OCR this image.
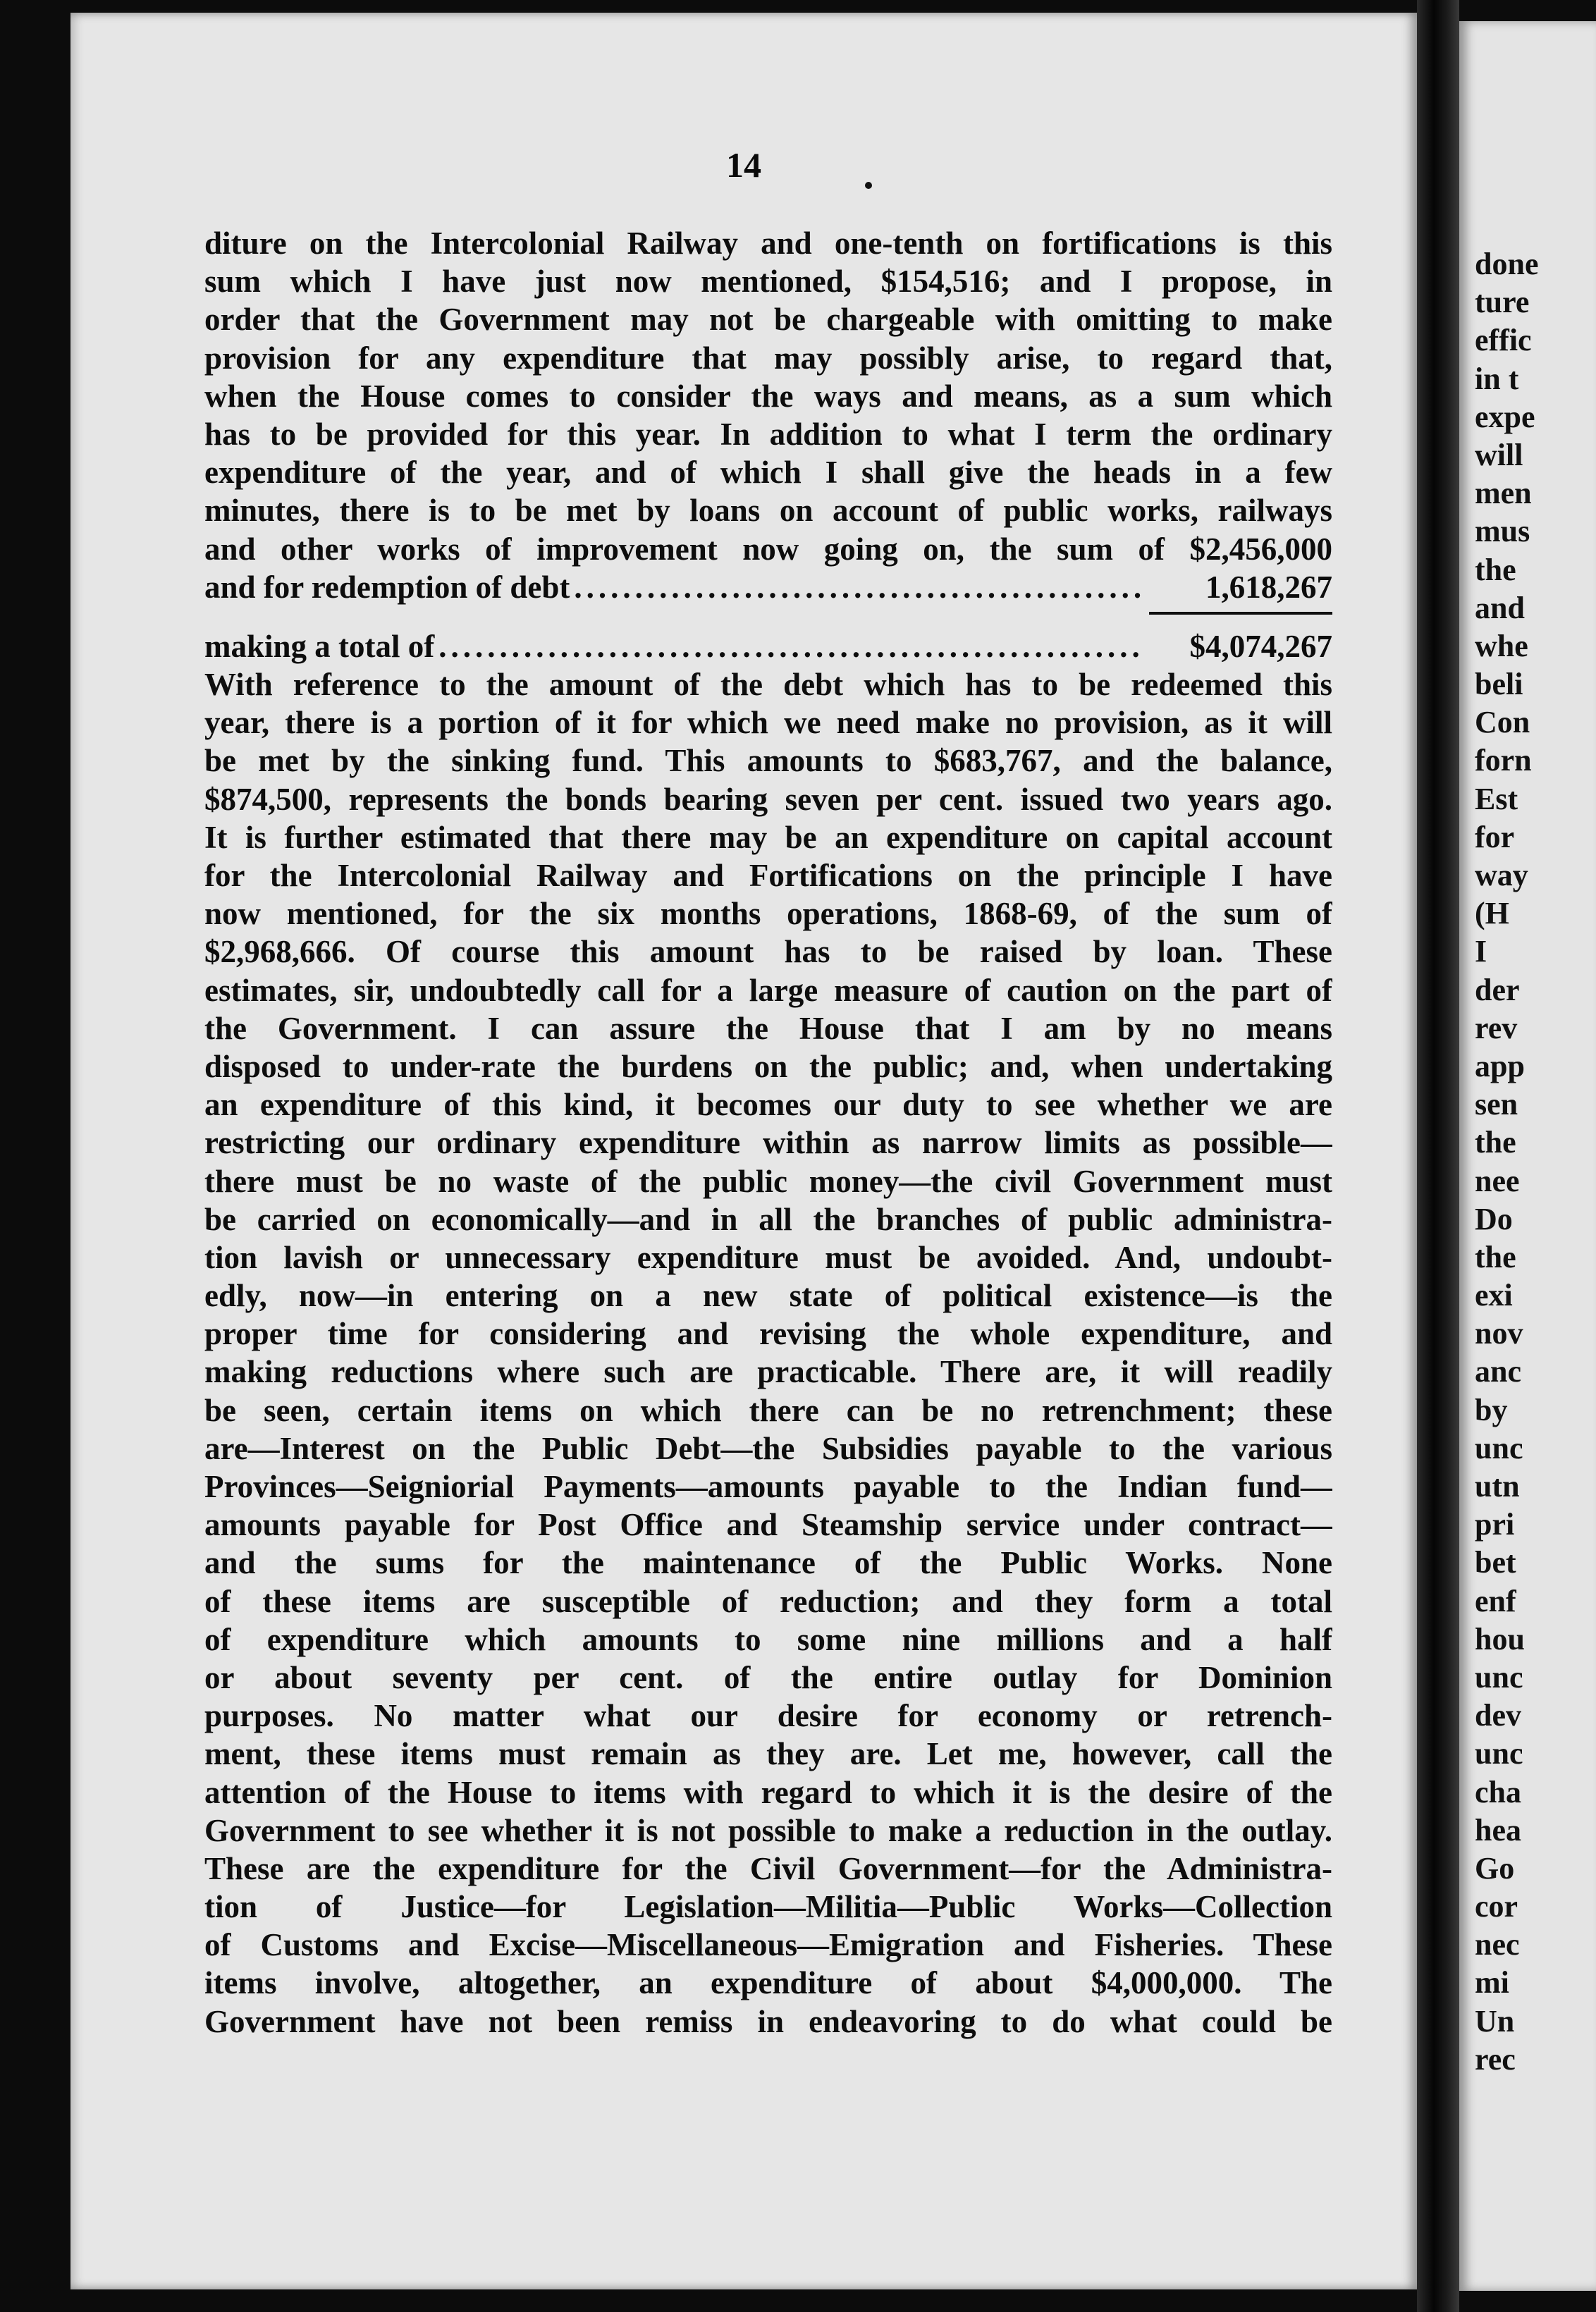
14
diture on the Intercolonial Railway and one-tenth on fortifications is this
sum which I have just now mentioned, $154,516; and I propose, in
order that the Government may not be chargeable with omitting to make
provision for any expenditure that may possibly arise, to regard that,
when the House comes to consider the ways and means, as a sum which
has to be provided for this year. In addition to what I term the ordinary
expenditure of the year, and of which I shall give the heads in a few
minutes, there is to be met by loans on account of public works, railways
and other works of improvement now going on, the sum of $2,456,000
and for redemption of debt ...............................................	1,618,267
making a total of ..........................................................	$4,074,267
With reference to the amount of the debt which has to be redeemed this
year, there is a portion of it for which we need make no provision, as it will
be met by the sinking fund. This amounts to $683,767, and the balance,
$874,500, represents the bonds bearing seven per cent. issued two years ago.
It is further estimated that there may be an expenditure on capital account
for the Intercolonial Railway and Fortifications on the principle I have
now mentioned, for the six months operations, 1868-69, of the sum of
$2,968,666. Of course this amount has to be raised by loan. These
estimates, sir, undoubtedly call for a large measure of caution on the part of
the Government. I can assure the House that I am by no means
disposed to under-rate the burdens on the public; and, when undertaking
an expenditure of this kind, it becomes our duty to see whether we are
restricting our ordinary expenditure within as narrow limits as possible—
there must be no waste of the public money—the civil Government must
be carried on economically—and in all the branches of public administra-
tion lavish or unnecessary expenditure must be avoided. And, undoubt-
edly, now—in entering on a new state of political existence—is the
proper time for considering and revising the whole expenditure, and
making reductions where such are practicable. There are, it will readily
be seen, certain items on which there can be no retrenchment; these
are—Interest on the Public Debt—the Subsidies payable to the various
Provinces—Seigniorial Payments—amounts payable to the Indian fund—
amounts payable for Post Office and Steamship service under contract—
and the sums for the maintenance of the Public Works. None
of these items are susceptible of reduction; and they form a total
of expenditure which amounts to some nine millions and a half
or about seventy per cent. of the entire outlay for Dominion
purposes. No matter what our desire for economy or retrench-
ment, these items must remain as they are. Let me, however, call the
attention of the House to items with regard to which it is the desire of the
Government to see whether it is not possible to make a reduction in the outlay.
These are the expenditure for the Civil Government—for the Administra-
tion of Justice—for Legislation—Militia—Public Works—Collection
of Customs and Excise—Miscellaneous—Emigration and Fisheries. These
items involve, altogether, an expenditure of about $4,000,000. The
Government have not been remiss in endeavoring to do what could be
done
ture
effic
in t
expe
will
men
mus
the
and
whe
beli
Con
forn
Est
for
way
(H
I
der
rev
app
sen
the
nee
Do
the
exi
nov
anc
by
unc
utn
pri
bet
enf
hou
unc
dev
unc
cha
hea
Go
cor
nec
mi
Un
rec
